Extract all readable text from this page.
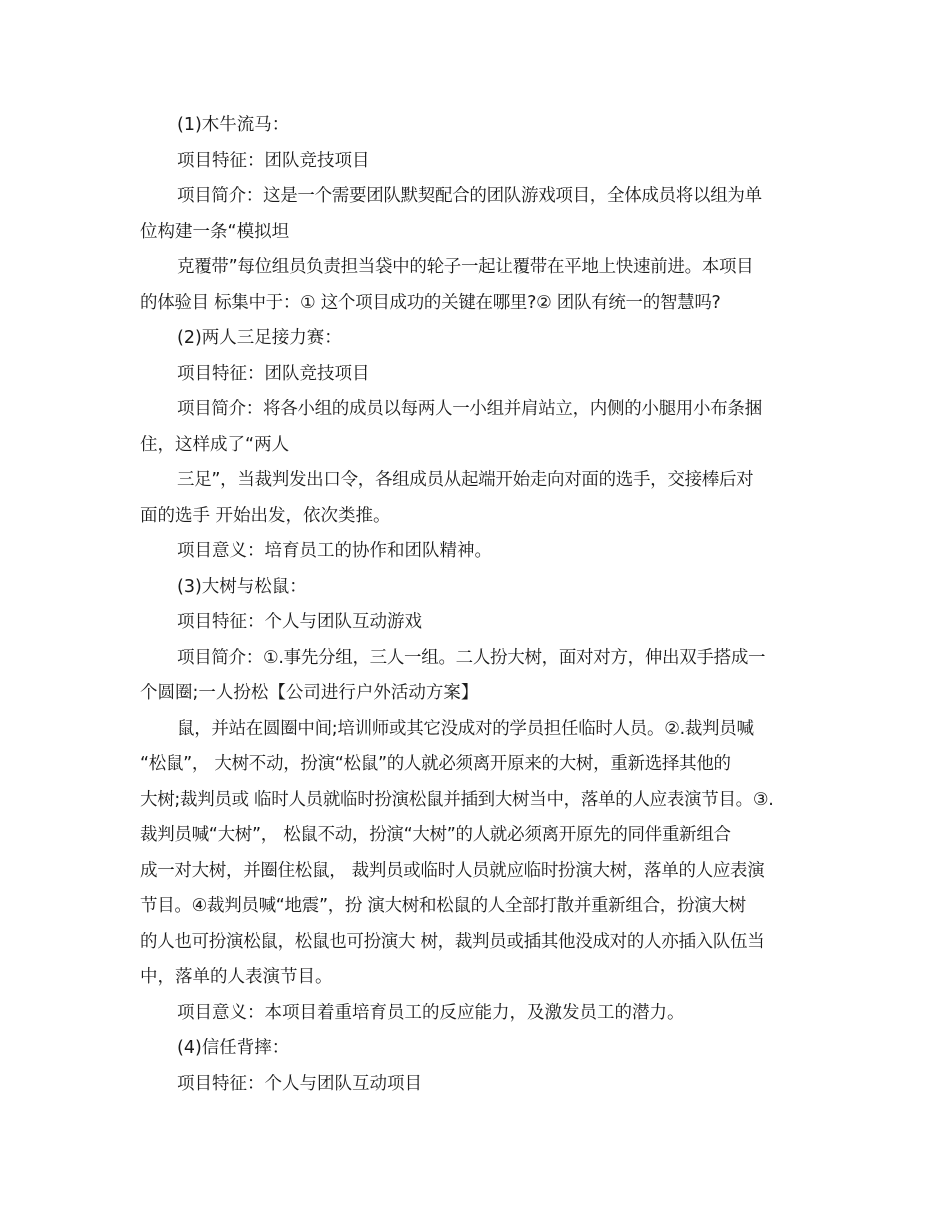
(1)木牛流马：
项目特征：团队竞技项目
项目简介：这是一个需要团队默契配合的团队游戏项目，全体成员将以组为单
位构建一条“模拟坦
克覆带”每位组员负责担当袋中的轮子一起让覆带在平地上快速前进。本项目
的体验目 标集中于：① 这个项目成功的关键在哪里?② 团队有统一的智慧吗?
(2)两人三足接力赛：
项目特征：团队竞技项目
项目简介：将各小组的成员以每两人一小组并肩站立，内侧的小腿用小布条捆
住，这样成了“两人
三足”，当裁判发出口令，各组成员从起端开始走向对面的选手，交接棒后对
面的选手 开始出发，依次类推。
项目意义：培育员工的协作和团队精神。
(3)大树与松鼠：
项目特征：个人与团队互动游戏
项目简介：①.事先分组，三人一组。二人扮大树，面对对方，伸出双手搭成一
个圆圈;一人扮松【公司进行户外活动方案】
鼠，并站在圆圈中间;培训师或其它没成对的学员担任临时人员。②.裁判员喊
“松鼠”， 大树不动，扮演“松鼠”的人就必须离开原来的大树，重新选择其他的
大树;裁判员或 临时人员就临时扮演松鼠并插到大树当中，落单的人应表演节目。③.
裁判员喊“大树”， 松鼠不动，扮演“大树”的人就必须离开原先的同伴重新组合
成一对大树，并圈住松鼠， 裁判员或临时人员就应临时扮演大树，落单的人应表演
节目。④裁判员喊“地震”，扮 演大树和松鼠的人全部打散并重新组合，扮演大树
的人也可扮演松鼠，松鼠也可扮演大 树，裁判员或插其他没成对的人亦插入队伍当
中，落单的人表演节目。
项目意义：本项目着重培育员工的反应能力，及激发员工的潜力。
(4)信任背摔：
项目特征：个人与团队互动项目
